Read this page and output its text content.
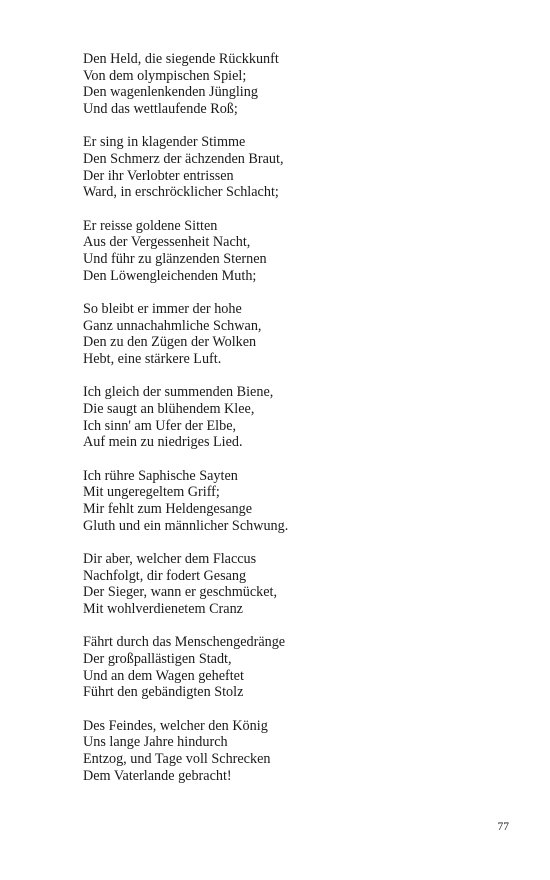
Den Held, die siegende Rückkunft
Von dem olympischen Spiel;
Den wagenlenkenden Jüngling
Und das wettlaufende Roß;
Er sing in klagender Stimme
Den Schmerz der ächzenden Braut,
Der ihr Verlobter entrissen
Ward, in erschröcklicher Schlacht;
Er reisse goldene Sitten
Aus der Vergessenheit Nacht,
Und führ zu glänzenden Sternen
Den Löwengleichenden Muth;
So bleibt er immer der hohe
Ganz unnachahmliche Schwan,
Den zu den Zügen der Wolken
Hebt, eine stärkere Luft.
Ich gleich der summenden Biene,
Die saugt an blühendem Klee,
Ich sinn' am Ufer der Elbe,
Auf mein zu niedriges Lied.
Ich rühre Saphische Sayten
Mit ungeregeltem Griff;
Mir fehlt zum Heldengesange
Gluth und ein männlicher Schwung.
Dir aber, welcher dem Flaccus
Nachfolgt, dir fodert Gesang
Der Sieger, wann er geschmücket,
Mit wohlverdienetem Cranz
Fährt durch das Menschengedränge
Der großpallästigen Stadt,
Und an dem Wagen geheftet
Führt den gebändigten Stolz
Des Feindes, welcher den König
Uns lange Jahre hindurch
Entzog, und Tage voll Schrecken
Dem Vaterlande gebracht!
77
